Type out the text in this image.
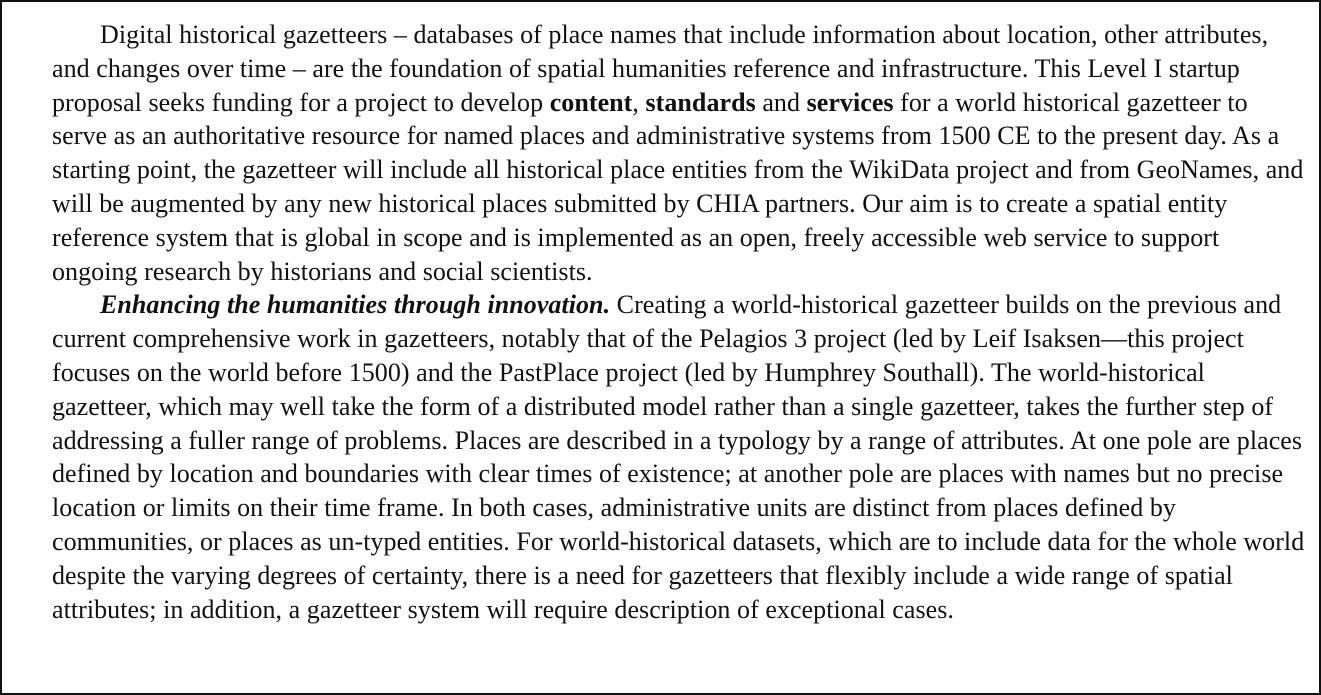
Digital historical gazetteers – databases of place names that include information about location, other attributes, and changes over time – are the foundation of spatial humanities reference and infrastructure. This Level I startup proposal seeks funding for a project to develop content, standards and services for a world historical gazetteer to serve as an authoritative resource for named places and administrative systems from 1500 CE to the present day. As a starting point, the gazetteer will include all historical place entities from the WikiData project and from GeoNames, and will be augmented by any new historical places submitted by CHIA partners. Our aim is to create a spatial entity reference system that is global in scope and is implemented as an open, freely accessible web service to support ongoing research by historians and social scientists.

Enhancing the humanities through innovation. Creating a world-historical gazetteer builds on the previous and current comprehensive work in gazetteers, notably that of the Pelagios 3 project (led by Leif Isaksen—this project focuses on the world before 1500) and the PastPlace project (led by Humphrey Southall). The world-historical gazetteer, which may well take the form of a distributed model rather than a single gazetteer, takes the further step of addressing a fuller range of problems. Places are described in a typology by a range of attributes. At one pole are places defined by location and boundaries with clear times of existence; at another pole are places with names but no precise location or limits on their time frame. In both cases, administrative units are distinct from places defined by communities, or places as un-typed entities. For world-historical datasets, which are to include data for the whole world despite the varying degrees of certainty, there is a need for gazetteers that flexibly include a wide range of spatial attributes; in addition, a gazetteer system will require description of exceptional cases.
